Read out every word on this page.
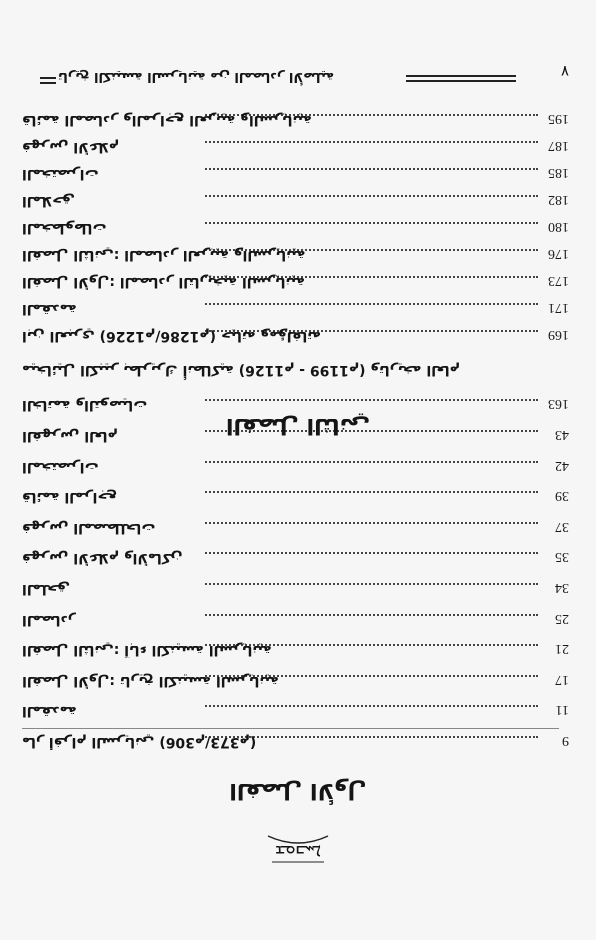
ܫܘܒܚܐ
الفصل الأول
9
مار أفرام السرياني (306م/373م)
11
المقدمة
17
الفصل الأول: تاريخ الكنيسة السريانية
21
الفصل الثاني: آباء الكنيسة السريانية
25
المصادر
34
الملحق
35
فهرس الأعلام والأماكن
37
فهرس المصطلحات
39
قائمة المراجع
42
المختصرات
43
الفهرس العام
163
الخاتمة والتوصيات
الفصل الثاني
ميخائيل الكبير بطريرك أنطاكية (1126م - 1199م) وتاريخه العام
169
ابن العبري (1226م/1286م) حياته ومؤلفاته
171
المقدمة
173
الفصل الأول: المصادر التاريخية السريانية
176
الفصل الثاني: المصادر العربية والسريانية
180
المخطوطات
182
الملاحق
185
المختصرات
187
فهرس الأعلام
195
قائمة المصادر والمراجع العربية والسريانية
٧
تاريخ الكنيسة السريانية من المصادر الأصلية
